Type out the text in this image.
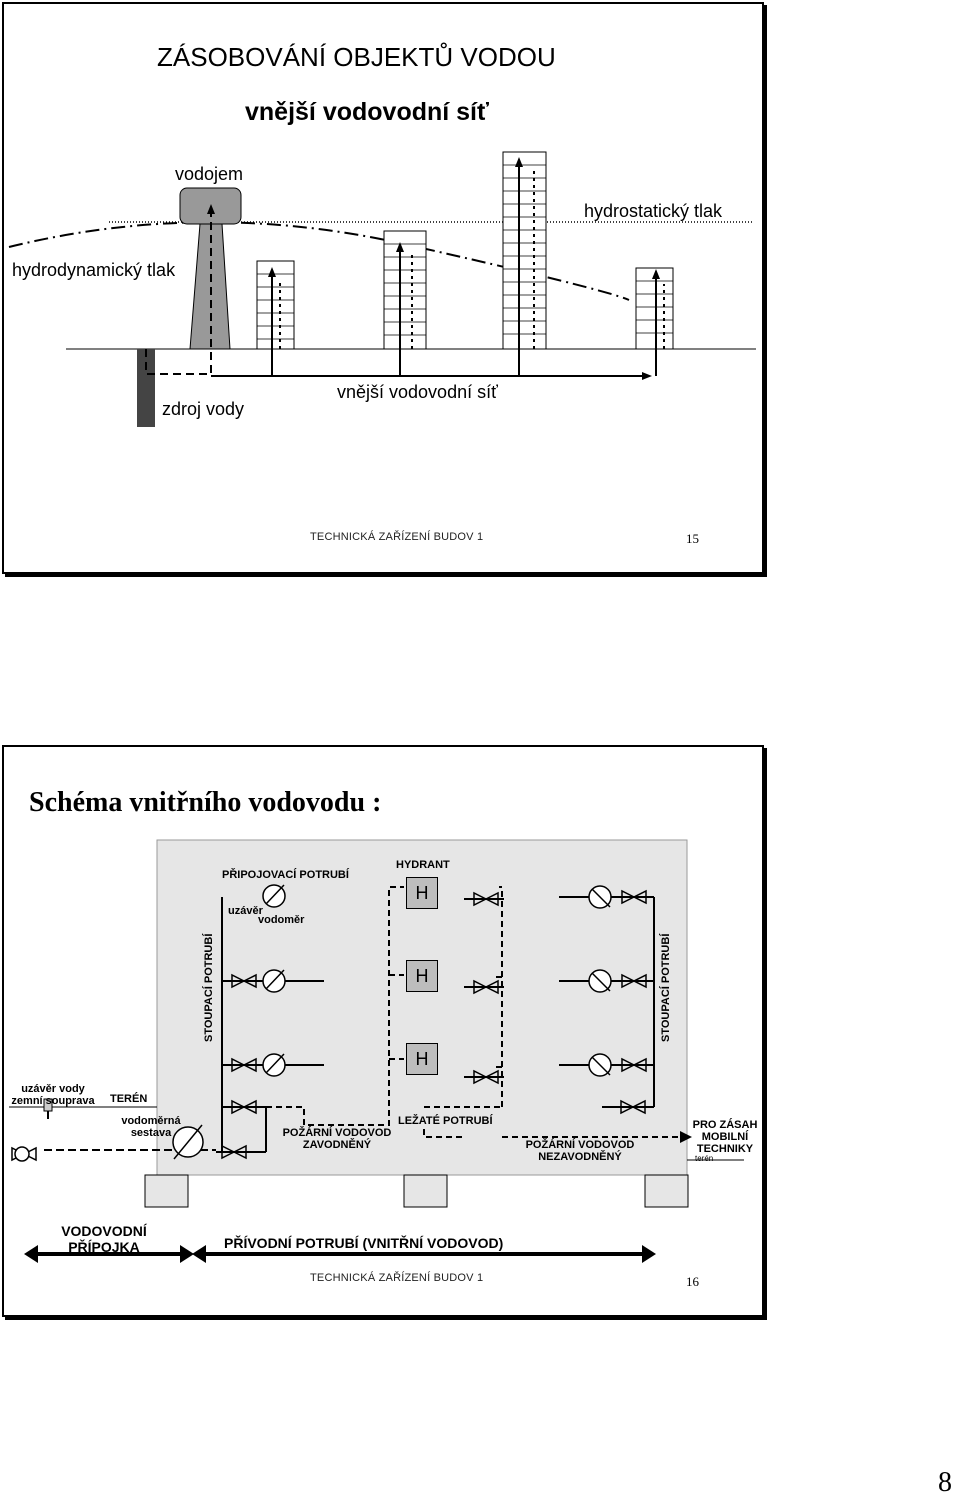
ZÁSOBOVÁNÍ OBJEKTŮ VODOU
vnější vodovodní síť
vodojem
hydrostatický tlak
hydrodynamický tlak
zdroj vody
vnější vodovodní síť
TECHNICKÁ ZAŘÍZENÍ BUDOV 1	15
Schéma vnitřního vodovodu :
H
H
H
PŘIPOJOVACÍ POTRUBÍ
HYDRANT
uzávěr
vodoměr
STOUPACÍ POTRUBÍ	STOUPACÍ POTRUBÍ
uzávěr vody zemní souprava TERÉN
vodoměrná sestava	POŽÁRNÍ VODOVOD ZAVODNĚNÝ
LEŽATÉ POTRUBÍ
POŽÁRNÍ VODOVOD NEZAVODNĚNÝ
PRO ZÁSAH MOBILNÍ TECHNIKY
terén
VODOVODNÍ PŘÍPOJKA	PŘÍVODNÍ POTRUBÍ (VNITŘNÍ VODOVOD)
TECHNICKÁ ZAŘÍZENÍ BUDOV 1	16
8
